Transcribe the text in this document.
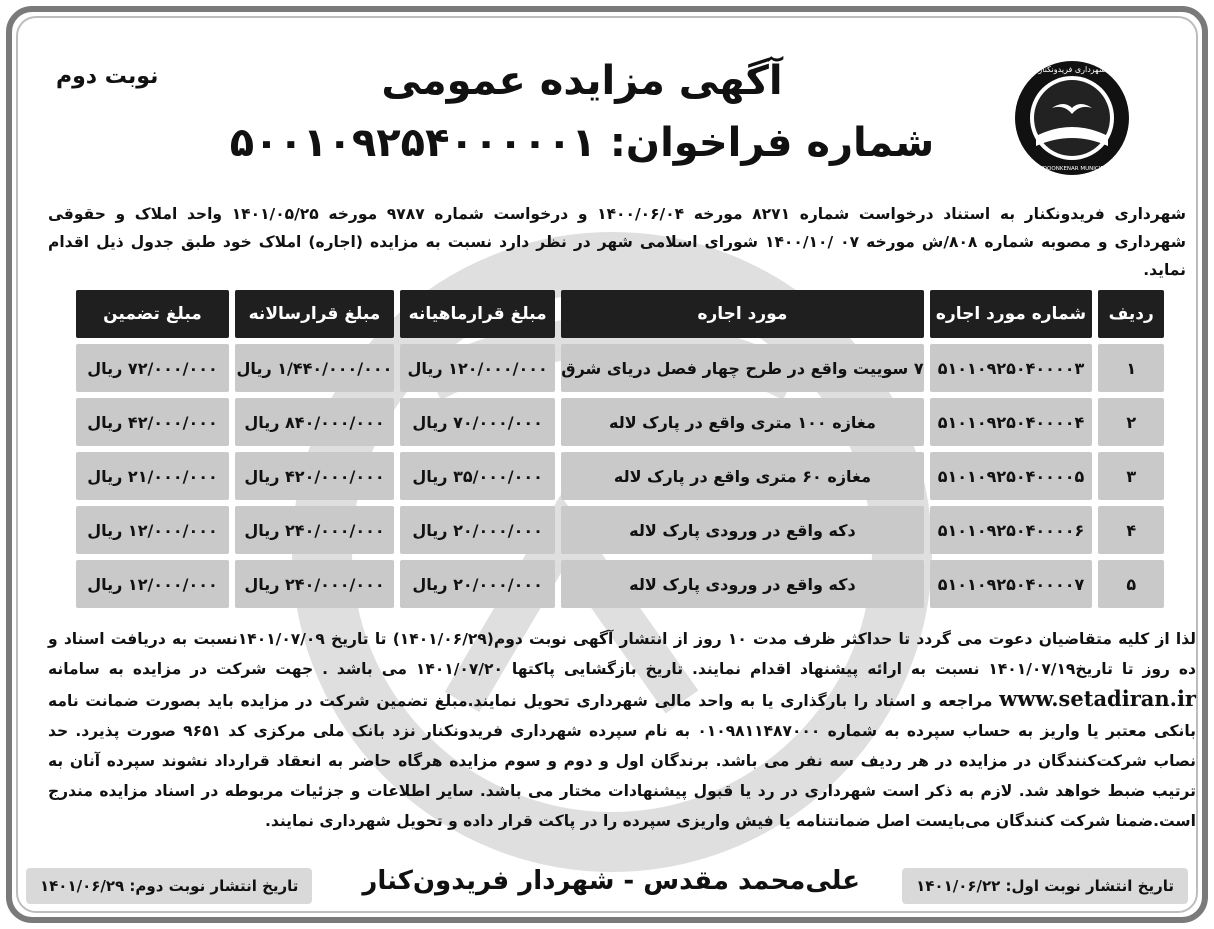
شهرداری فریدونکنار
FEREYDOONKENAR MUNICIPALITY
نوبت دوم	آگهی مزایده عمومی
شماره فراخوان: ۵۰۰۱۰۹۲۵۴۰۰۰۰۰۱

شهرداری فریدونکنار به استناد درخواست شماره ۸۲۷۱ مورخه ۱۴۰۰/۰۶/۰۴ و درخواست شماره ۹۷۸۷ مورخه ۱۴۰۱/۰۵/۲۵ واحد املاک و حقوقی شهرداری و مصوبه شماره ۸۰۸/ش مورخه ۰۷ /۱۴۰۰/۱۰ شورای اسلامی شهر در نظر دارد نسبت به مزایده (اجاره) املاک خود طبق جدول ذیل اقدام نماید.

ردیف	شماره مورد اجاره	مورد اجاره	مبلغ قرارماهیانه	مبلغ قرارسالانه	مبلغ تضمین
۱	۵۱۰۱۰۹۲۵۰۴۰۰۰۰۳	۷ سوییت واقع در طرح چهار فصل دریای شرق	۱۲۰/۰۰۰/۰۰۰ ریال	۱/۴۴۰/۰۰۰/۰۰۰ ریال	۷۲/۰۰۰/۰۰۰ ریال
۲	۵۱۰۱۰۹۲۵۰۴۰۰۰۰۴	مغازه ۱۰۰ متری واقع در پارک لاله	۷۰/۰۰۰/۰۰۰ ریال	۸۴۰/۰۰۰/۰۰۰ ریال	۴۲/۰۰۰/۰۰۰ ریال
۳	۵۱۰۱۰۹۲۵۰۴۰۰۰۰۵	مغازه ۶۰ متری واقع در پارک لاله	۳۵/۰۰۰/۰۰۰ ریال	۴۲۰/۰۰۰/۰۰۰ ریال	۲۱/۰۰۰/۰۰۰ ریال
۴	۵۱۰۱۰۹۲۵۰۴۰۰۰۰۶	دکه واقع در ورودی پارک لاله	۲۰/۰۰۰/۰۰۰ ریال	۲۴۰/۰۰۰/۰۰۰ ریال	۱۲/۰۰۰/۰۰۰ ریال
۵	۵۱۰۱۰۹۲۵۰۴۰۰۰۰۷	دکه واقع در ورودی پارک لاله	۲۰/۰۰۰/۰۰۰ ریال	۲۴۰/۰۰۰/۰۰۰ ریال	۱۲/۰۰۰/۰۰۰ ریال

لذا از کلیه متقاضیان دعوت می گردد تا حداکثر ظرف مدت ۱۰ روز از انتشار آگهی نوبت دوم(۱۴۰۱/۰۶/۲۹) تا تاریخ ۱۴۰۱/۰۷/۰۹نسبت به دریافت اسناد و ده روز تا تاریخ۱۴۰۱/۰۷/۱۹ نسبت به ارائه پیشنهاد اقدام نمایند. تاریخ بازگشایی پاکتها ۱۴۰۱/۰۷/۲۰ می باشد . جهت شرکت در مزایده به سامانه www.setadiran.ir مراجعه و اسناد را بارگذاری یا به واحد مالی شهرداری تحویل نمایند.مبلغ تضمین شرکت در مزایده باید بصورت ضمانت نامه بانکی معتبر یا واریز به حساب سپرده به شماره ۰۱۰۹۸۱۱۴۸۷۰۰۰ به نام سپرده شهرداری فریدونکنار نزد بانک ملی مرکزی کد ۹۶۵۱ صورت پذیرد. حد نصاب شرکت‌کنندگان در مزایده در هر ردیف سه نفر می باشد. برندگان اول و دوم و سوم مزایده هرگاه حاضر به انعقاد قرارداد نشوند سپرده آنان به ترتیب ضبط خواهد شد. لازم به ذکر است شهرداری در رد یا قبول پیشنهادات مختار می باشد. سایر اطلاعات و جزئیات مربوطه در اسناد مزایده مندرج است.ضمنا شرکت کنندگان می‌بایست اصل ضمانتنامه یا فیش واریزی سپرده را در پاکت قرار داده و تحویل شهرداری نمایند.

تاریخ انتشار نوبت اول: ۱۴۰۱/۰۶/۲۲
علی‌محمد مقدس - شهردار فریدون‌کنار
تاریخ انتشار نوبت دوم: ۱۴۰۱/۰۶/۲۹
